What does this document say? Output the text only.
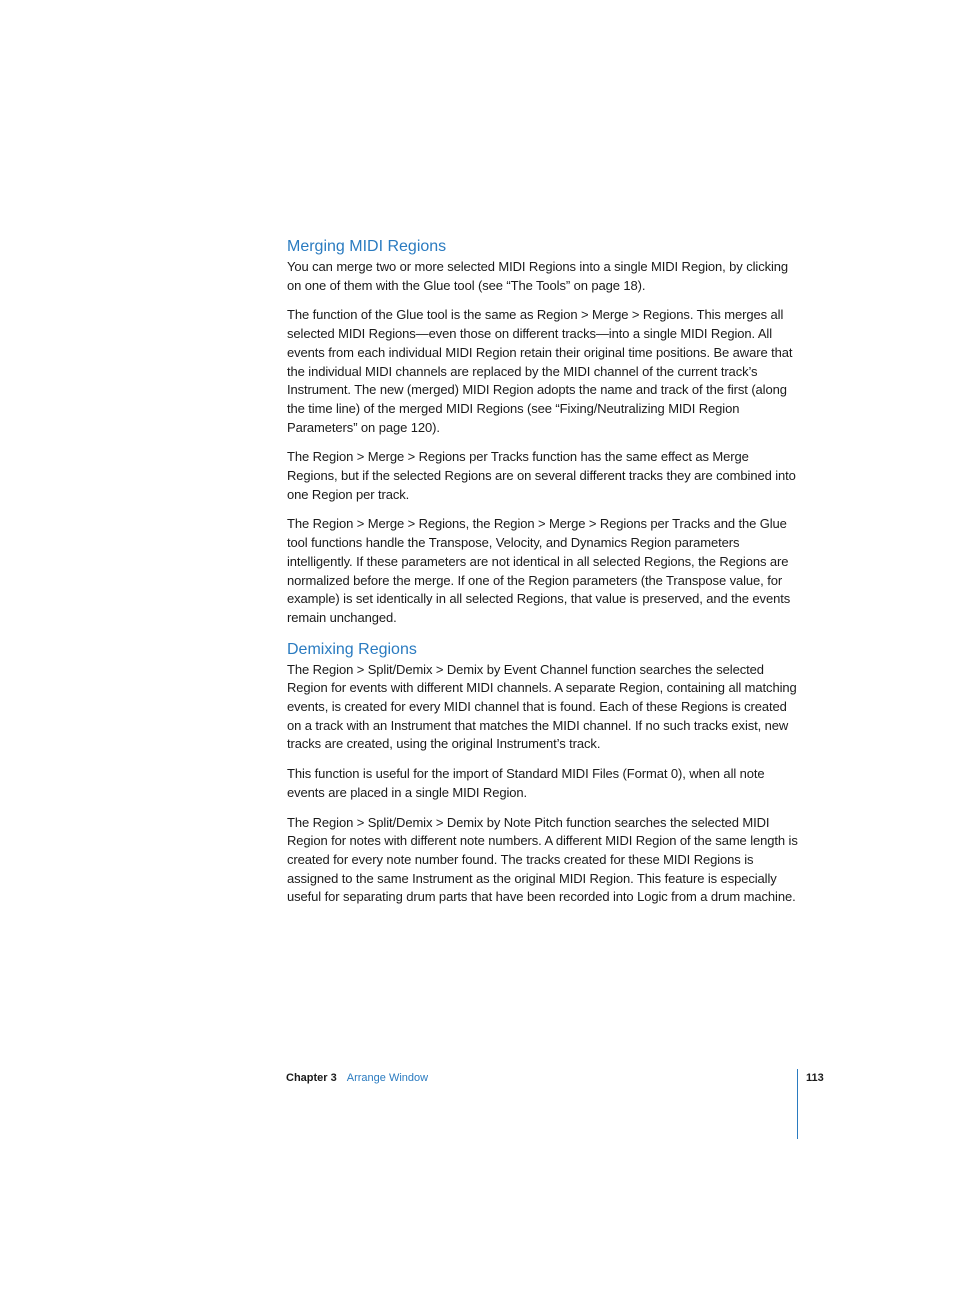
Merging MIDI Regions

You can merge two or more selected MIDI Regions into a single MIDI Region, by clicking on one of them with the Glue tool (see “The Tools” on page 18).

The function of the Glue tool is the same as Region > Merge > Regions. This merges all selected MIDI Regions—even those on different tracks—into a single MIDI Region. All events from each individual MIDI Region retain their original time positions. Be aware that the individual MIDI channels are replaced by the MIDI channel of the current track’s Instrument. The new (merged) MIDI Region adopts the name and track of the first (along the time line) of the merged MIDI Regions (see “Fixing/Neutralizing MIDI Region Parameters” on page 120).

The Region > Merge > Regions per Tracks function has the same effect as Merge Regions, but if the selected Regions are on several different tracks they are combined into one Region per track.

The Region > Merge > Regions, the Region > Merge > Regions per Tracks and the Glue tool functions handle the Transpose, Velocity, and Dynamics Region parameters intelligently. If these parameters are not identical in all selected Regions, the Regions are normalized before the merge. If one of the Region parameters (the Transpose value, for example) is set identically in all selected Regions, that value is preserved, and the events remain unchanged.

Demixing Regions

The Region > Split/Demix > Demix by Event Channel function searches the selected Region for events with different MIDI channels. A separate Region, containing all matching events, is created for every MIDI channel that is found. Each of these Regions is created on a track with an Instrument that matches the MIDI channel. If no such tracks exist, new tracks are created, using the original Instrument’s track.

This function is useful for the import of Standard MIDI Files (Format 0), when all note events are placed in a single MIDI Region.

The Region > Split/Demix > Demix by Note Pitch function searches the selected MIDI Region for notes with different note numbers. A different MIDI Region of the same length is created for every note number found. The tracks created for these MIDI Regions is assigned to the same Instrument as the original MIDI Region. This feature is especially useful for separating drum parts that have been recorded into Logic from a drum machine.

Chapter 3 Arrange Window	113
